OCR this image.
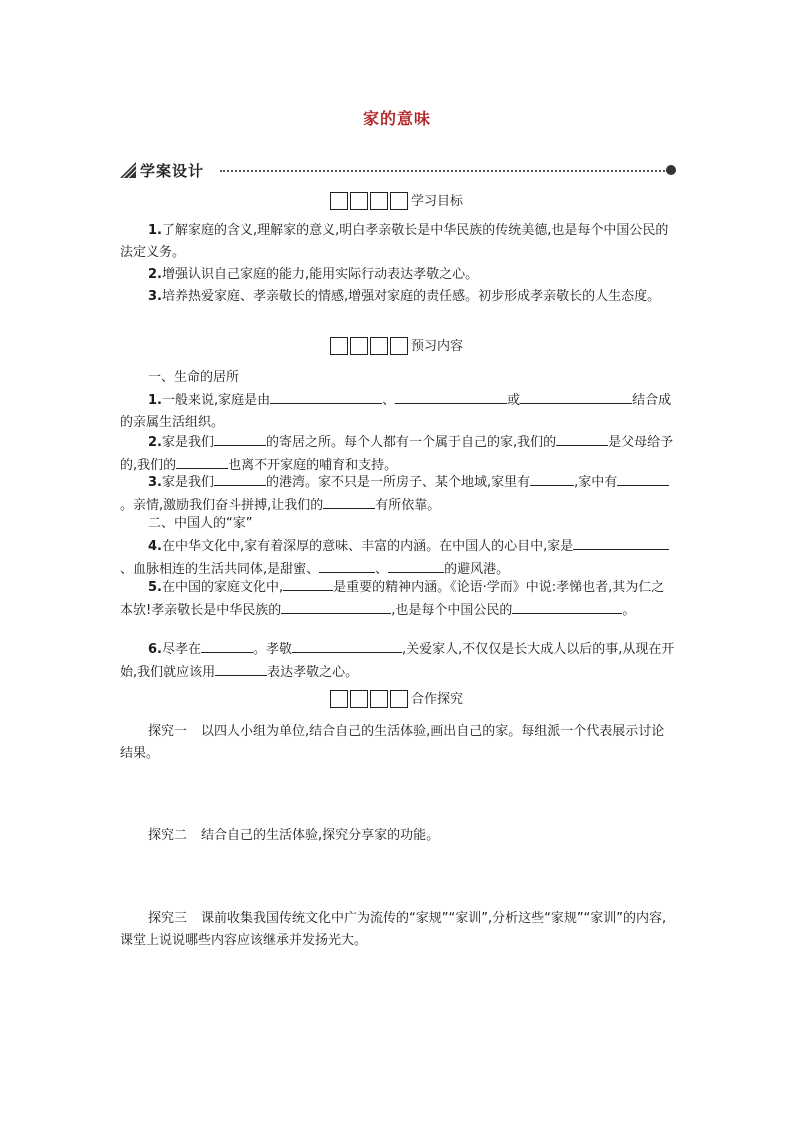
家的意味
学案设计
学习目标
1.了解家庭的含义,理解家的意义,明白孝亲敬长是中华民族的传统美德,也是每个中国公民的法定义务。
2.增强认识自己家庭的能力,能用实际行动表达孝敬之心。
3.培养热爱家庭、孝亲敬长的情感,增强对家庭的责任感。初步形成孝亲敬长的人生态度。
预习内容
一、生命的居所
1.一般来说,家庭是由	、	或	结合成的亲属生活组织。
2.家是我们	的寄居之所。每个人都有一个属于自己的家,我们的	是父母给予的,我们的	也离不开家庭的哺育和支持。
3.家是我们	的港湾。家不只是一所房子、某个地域,家里有	,家中有。亲情,激励我们奋斗拼搏,让我们的	有所依靠。
二、中国人的“家”
4.在中华文化中,家有着深厚的意味、丰富的内涵。在中国人的心目中,家是、血脉相连的生活共同体,是甜蜜、	、	的避风港。
5.在中国的家庭文化中,	是重要的精神内涵。《论语·学而》中说:孝悌也者,其为仁之本欤!孝亲敬长是中华民族的	,也是每个中国公民的	。
6.尽孝在	。孝敬	,关爱家人,不仅仅是长大成人以后的事,从现在开始,我们就应该用	表达孝敬之心。
合作探究
探究一 以四人小组为单位,结合自己的生活体验,画出自己的家。每组派一个代表展示讨论结果。
探究二 结合自己的生活体验,探究分享家的功能。
探究三 课前收集我国传统文化中广为流传的“家规”“家训”,分析这些“家规”“家训”的内容,课堂上说说哪些内容应该继承并发扬光大。
